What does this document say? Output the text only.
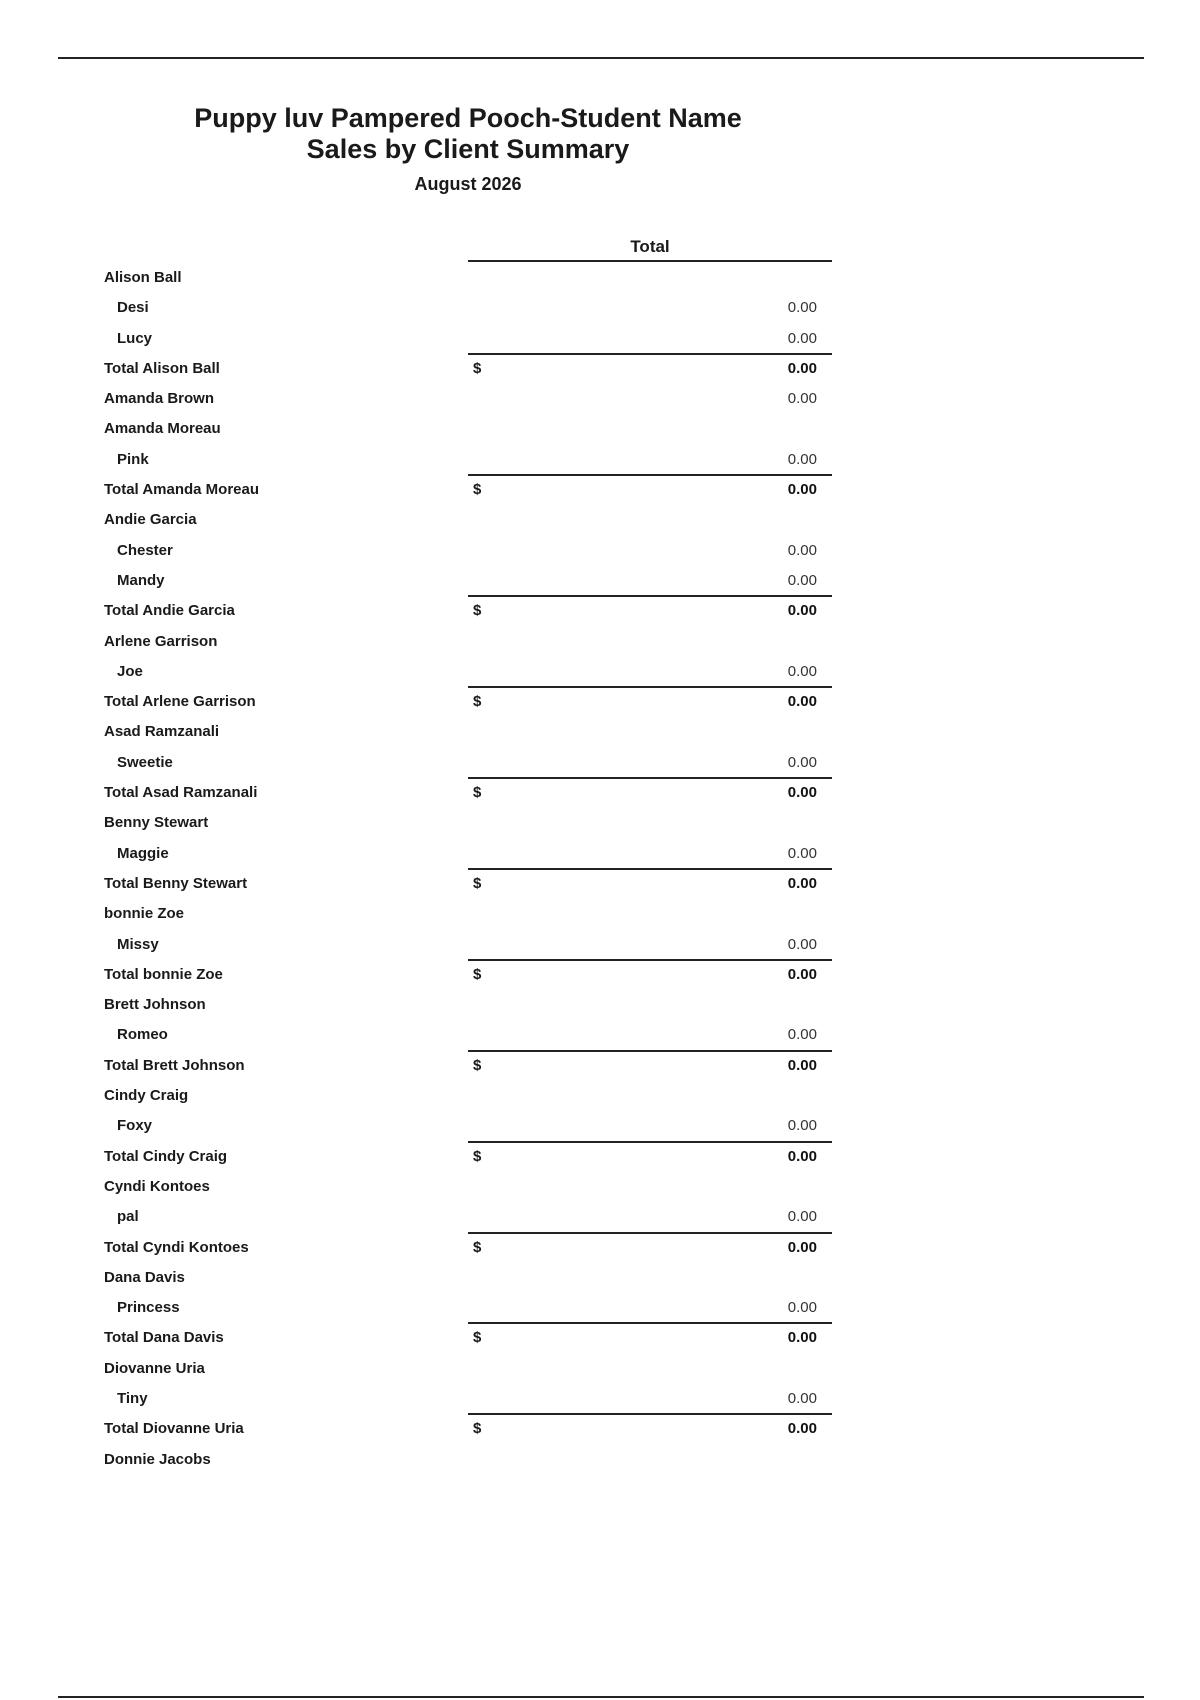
Puppy luv Pampered Pooch-Student Name
Sales by Client Summary
August 2026
Total
Alison Ball
Desi	0.00
Lucy	0.00
Total Alison Ball	$	0.00
Amanda Brown	0.00
Amanda Moreau
Pink	0.00
Total Amanda Moreau	$	0.00
Andie Garcia
Chester	0.00
Mandy	0.00
Total Andie Garcia	$	0.00
Arlene Garrison
Joe	0.00
Total Arlene Garrison	$	0.00
Asad Ramzanali
Sweetie	0.00
Total Asad Ramzanali	$	0.00
Benny Stewart
Maggie	0.00
Total Benny Stewart	$	0.00
bonnie Zoe
Missy	0.00
Total bonnie Zoe	$	0.00
Brett Johnson
Romeo	0.00
Total Brett Johnson	$	0.00
Cindy Craig
Foxy	0.00
Total Cindy Craig	$	0.00
Cyndi Kontoes
pal	0.00
Total Cyndi Kontoes	$	0.00
Dana Davis
Princess	0.00
Total Dana Davis	$	0.00
Diovanne Uria
Tiny	0.00
Total Diovanne Uria	$	0.00
Donnie Jacobs
